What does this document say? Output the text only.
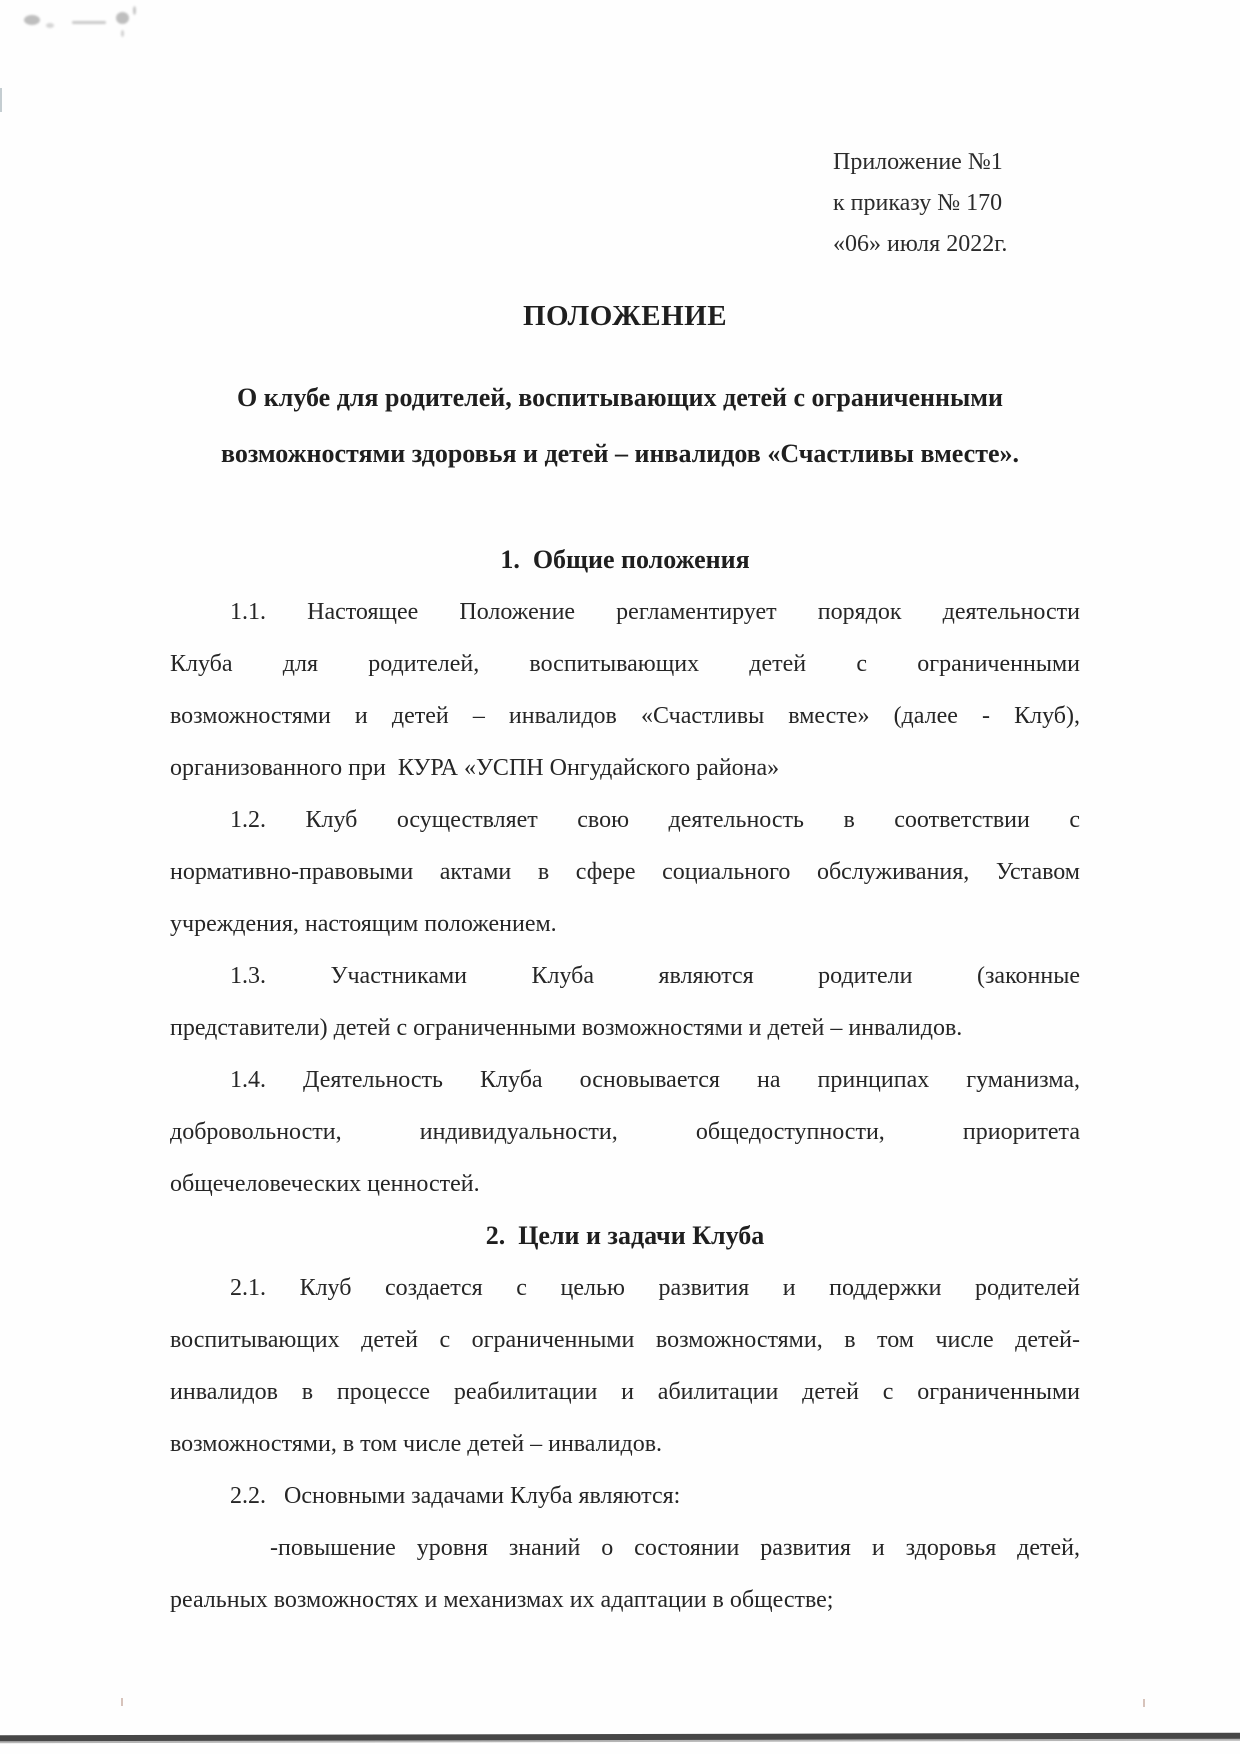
Приложение №1
к приказу № 170
«06» июля 2022г.
ПОЛОЖЕНИЕ
О клубе для родителей, воспитывающих детей с ограниченными
возможностями здоровья и детей – инвалидов «Счастливы вместе».
1.  Общие положения
1.1. Настоящее Положение регламентирует порядок деятельности
Клуба для родителей, воспитывающих детей с ограниченными
возможностями и детей – инвалидов «Счастливы вместе» (далее - Клуб),
организованного при  КУРА «УСПН Онгудайского района»
1.2. Клуб осуществляет свою деятельность в соответствии с
нормативно-правовыми актами в сфере социального обслуживания, Уставом
учреждения, настоящим положением.
1.3. Участниками Клуба являются родители (законные
представители) детей с ограниченными возможностями и детей – инвалидов.
1.4. Деятельность Клуба основывается на принципах гуманизма,
добровольности, индивидуальности, общедоступности, приоритета
общечеловеческих ценностей.
2.  Цели и задачи Клуба
2.1. Клуб создается с целью развития и поддержки родителей
воспитывающих детей с ограниченными возможностями, в том числе детей-
инвалидов в процессе реабилитации и абилитации детей с ограниченными
возможностями, в том числе детей – инвалидов.
2.2.   Основными задачами Клуба являются:
-повышение уровня знаний о состоянии развития и здоровья детей,
реальных возможностях и механизмах их адаптации в обществе;
